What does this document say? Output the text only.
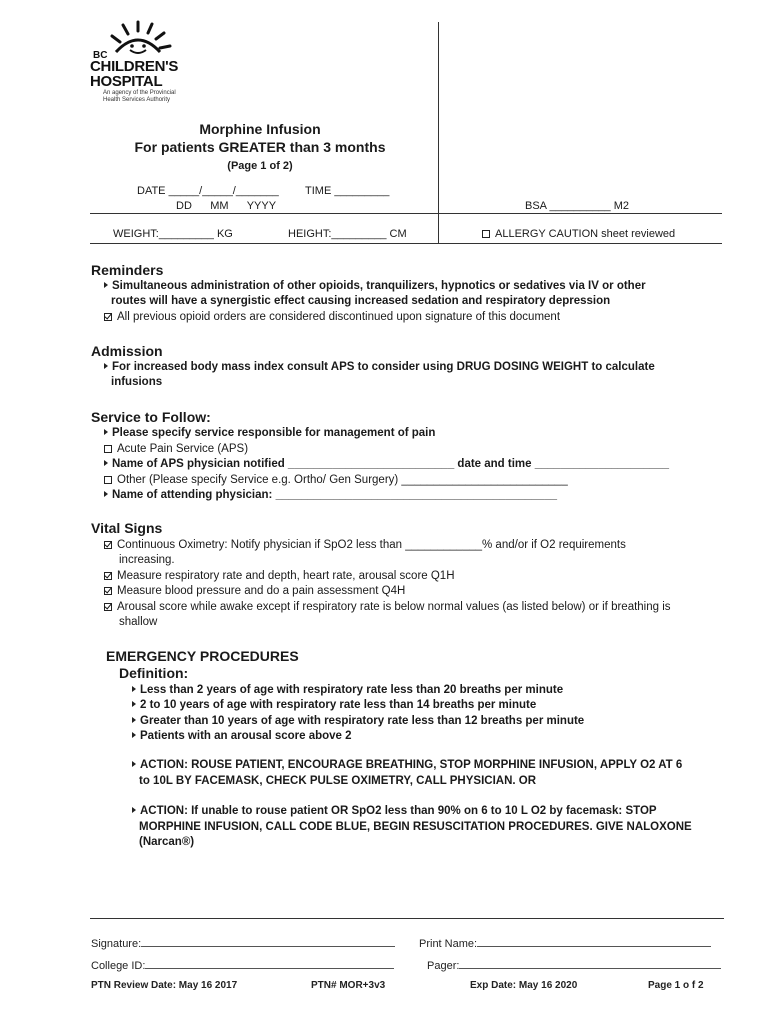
BC
CHILDREN'S
HOSPITAL
An agency of the Provincial Health Services Authority
Morphine Infusion
For patients GREATER than 3 months
(Page 1 of 2)
DATE _____/_____/_______ TIME _________
DD      MM      YYYY	BSA __________ M2
WEIGHT:_________ KG	HEIGHT:_________ CM	ALLERGY CAUTION sheet reviewed
Reminders
Simultaneous administration of other opioids, tranquilizers, hypnotics or sedatives via IV or other
routes will have a synergistic effect causing increased sedation and respiratory depression
All previous opioid orders are considered discontinued upon signature of this document
Admission
For increased body mass index consult APS to consider using DRUG DOSING WEIGHT to calculate
infusions
Service to Follow:
Please specify service responsible for management of pain
Acute Pain Service (APS)
Name of APS physician notified __________________________ date and time _____________________
Other (Please specify Service e.g. Ortho/ Gen Surgery) __________________________
Name of attending physician: ____________________________________________
Vital Signs
Continuous Oximetry: Notify physician if SpO2 less than ____________% and/or if O2 requirements
increasing.
Measure respiratory rate and depth, heart rate, arousal score Q1H
Measure blood pressure and do a pain assessment Q4H
Arousal score while awake except if respiratory rate is below normal values (as listed below) or if breathing is
shallow
EMERGENCY PROCEDURES
Definition:
Less than 2 years of age with respiratory rate less than 20 breaths per minute
2 to 10 years of age with respiratory rate less than 14 breaths per minute
Greater than 10 years of age with respiratory rate less than 12 breaths per minute
Patients with an arousal score above 2
ACTION: ROUSE PATIENT, ENCOURAGE BREATHING, STOP MORPHINE INFUSION, APPLY O2 AT 6
to 10L BY FACEMASK, CHECK PULSE OXIMETRY, CALL PHYSICIAN. OR
ACTION: If unable to rouse patient OR SpO2 less than 90% on 6 to 10 L O2 by facemask: STOP
MORPHINE INFUSION, CALL CODE BLUE, BEGIN RESUSCITATION PROCEDURES. GIVE NALOXONE
(Narcan®)
Signature:	Print Name:
College ID:	Pager:
PTN Review Date: May 16 2017	PTN# MOR+3v3	Exp Date: May 16 2020	Page 1 o f 2
